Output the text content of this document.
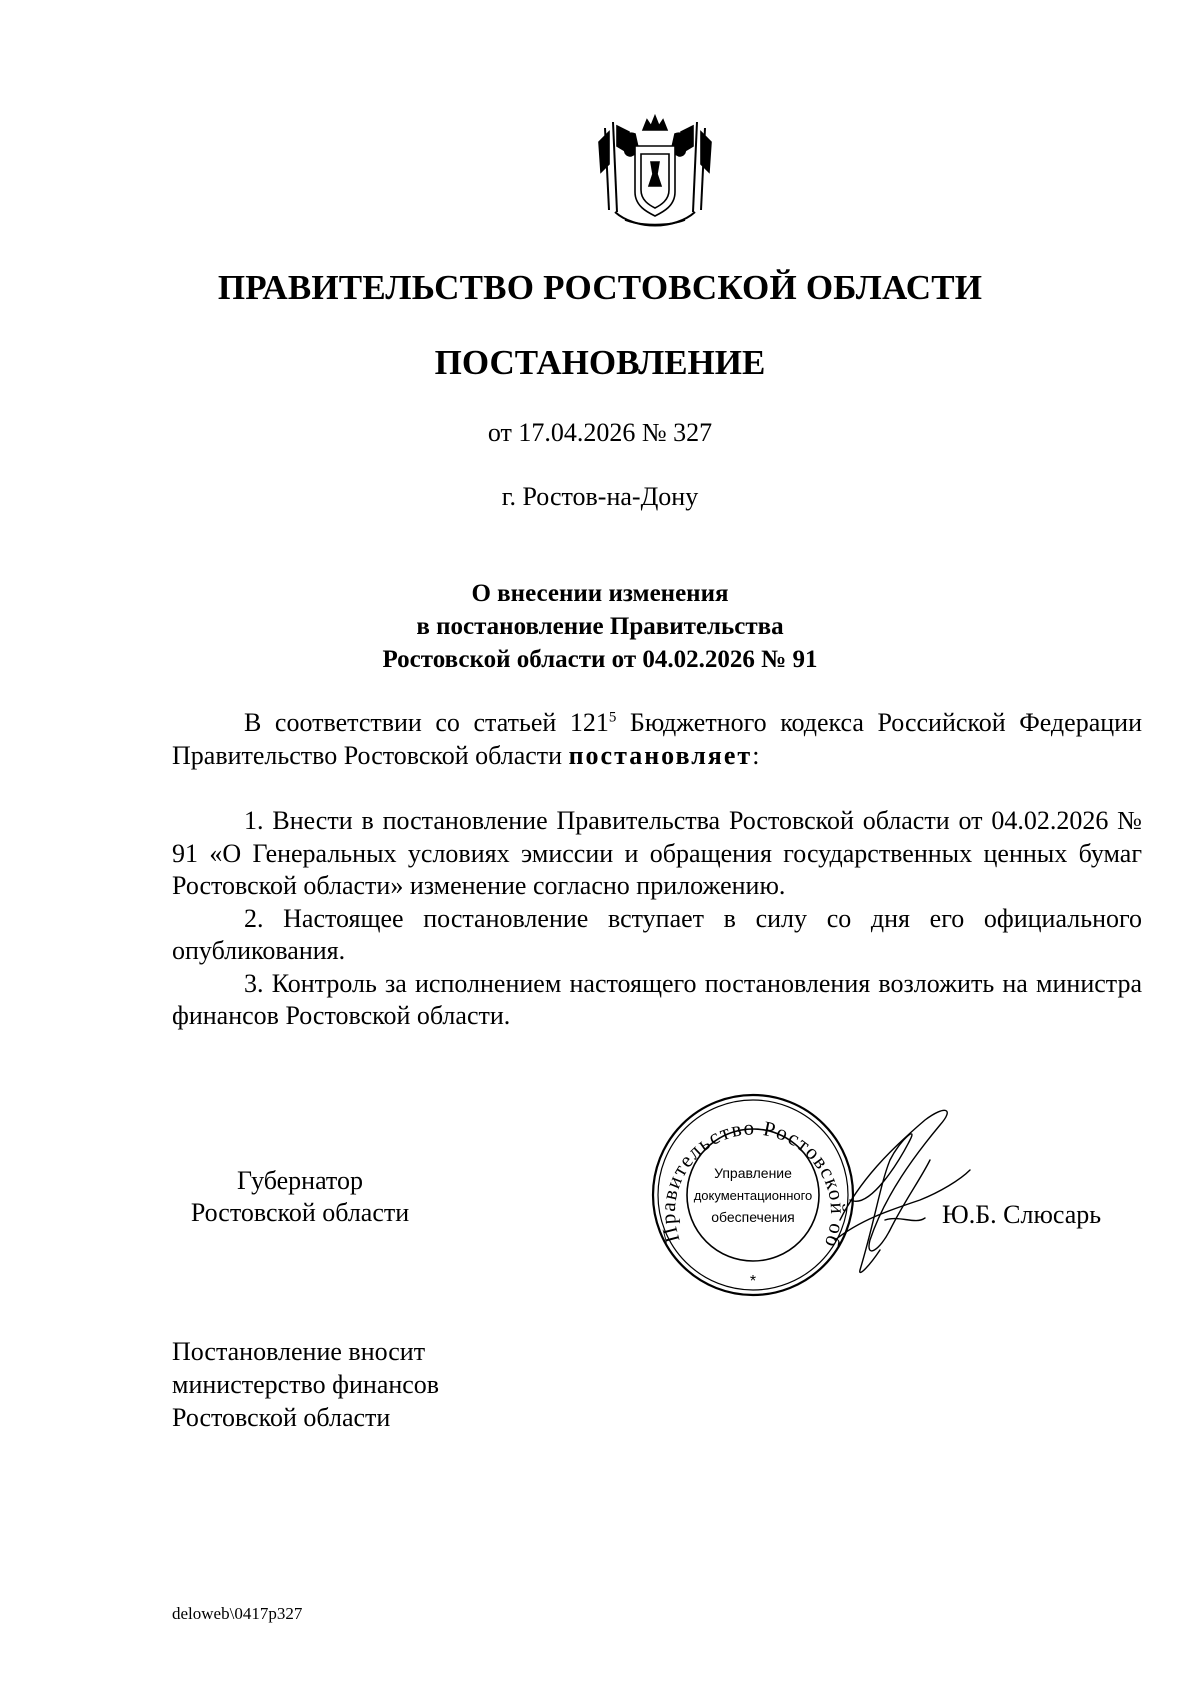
ПРАВИТЕЛЬСТВО РОСТОВСКОЙ ОБЛАСТИ
ПОСТАНОВЛЕНИЕ
от 17.04.2026 № 327
г. Ростов-на-Дону
О внесении изменения
в постановление Правительства
Ростовской области от 04.02.2026 № 91

В соответствии со статьей $121^5$ Бюджетного кодекса Российской Федерации Правительство Ростовской области постановляет:

1. Внести в постановление Правительства Ростовской области от 04.02.2026 № 91 «О Генеральных условиях эмиссии и обращения государственных ценных бумаг Ростовской области» изменение согласно приложению.

2. Настоящее постановление вступает в силу со дня его официального опубликования.

3. Контроль за исполнением настоящего постановления возложить на министра финансов Ростовской области.

Губернатор
Ростовской области
Правительство Ростовской об
Управление
документационного
обеспечения
*
Ю.Б. Слюсарь
Постановление вносит
министерство финансов
Ростовской области
deloweb\0417p327
